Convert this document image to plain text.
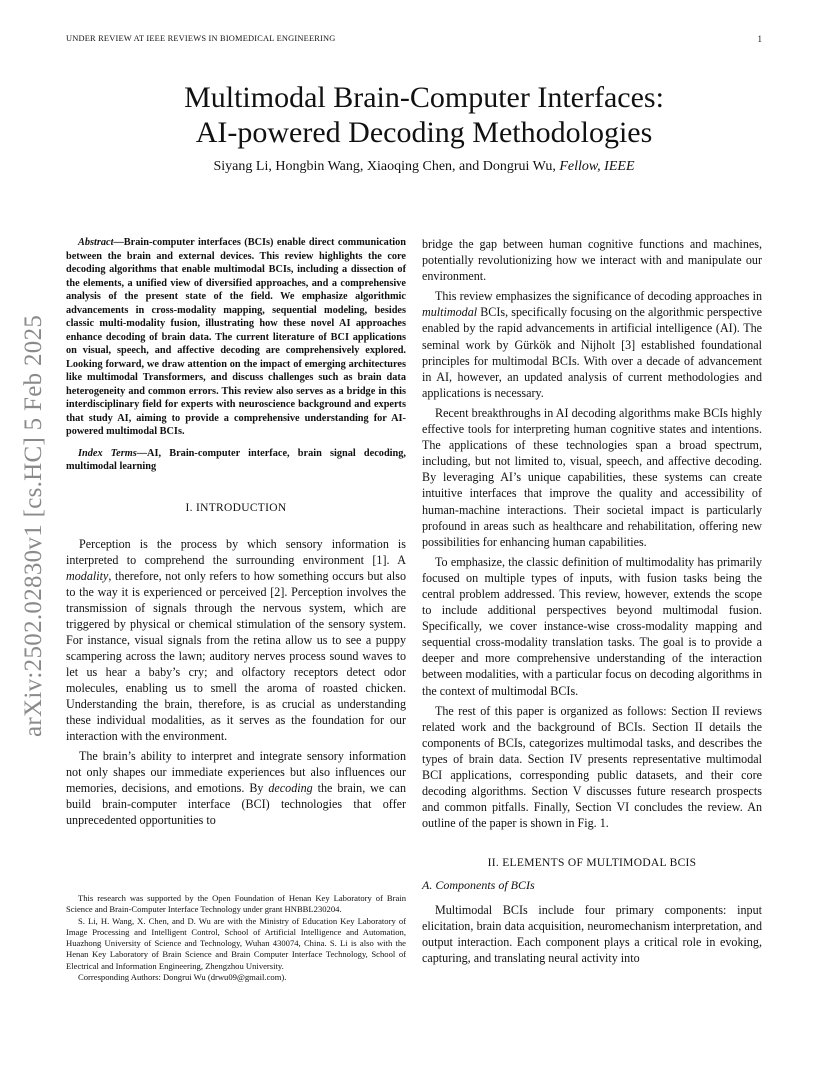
UNDER REVIEW AT IEEE REVIEWS IN BIOMEDICAL ENGINEERING	1
arXiv:2502.02830v1 [cs.HC] 5 Feb 2025
Multimodal Brain-Computer Interfaces:
AI-powered Decoding Methodologies

Siyang Li, Hongbin Wang, Xiaoqing Chen, and Dongrui Wu, Fellow, IEEE

Abstract—Brain-computer interfaces (BCIs) enable direct communication between the brain and external devices. This review highlights the core decoding algorithms that enable multimodal BCIs, including a dissection of the elements, a unified view of diversified approaches, and a comprehensive analysis of the present state of the field. We emphasize algorithmic advancements in cross-modality mapping, sequential modeling, besides classic multi-modality fusion, illustrating how these novel AI approaches enhance decoding of brain data. The current literature of BCI applications on visual, speech, and affective decoding are comprehensively explored. Looking forward, we draw attention on the impact of emerging architectures like multimodal Transformers, and discuss challenges such as brain data heterogeneity and common errors. This review also serves as a bridge in this interdisciplinary field for experts with neuroscience background and experts that study AI, aiming to provide a comprehensive understanding for AI-powered multimodal BCIs.

Index Terms—AI, Brain-computer interface, brain signal decoding, multimodal learning

I. INTRODUCTION

Perception is the process by which sensory information is interpreted to comprehend the surrounding environment [1]. A modality, therefore, not only refers to how something occurs but also to the way it is experienced or perceived [2]. Perception involves the transmission of signals through the nervous system, which are triggered by physical or chemical stimulation of the sensory system. For instance, visual signals from the retina allow us to see a puppy scampering across the lawn; auditory nerves process sound waves to let us hear a baby’s cry; and olfactory receptors detect odor molecules, enabling us to smell the aroma of roasted chicken. Understanding the brain, therefore, is as crucial as understanding these individual modalities, as it serves as the foundation for our interaction with the environment.

The brain’s ability to interpret and integrate sensory information not only shapes our immediate experiences but also influences our memories, decisions, and emotions. By decoding the brain, we can build brain-computer interface (BCI) technologies that offer unprecedented opportunities to

This research was supported by the Open Foundation of Henan Key Laboratory of Brain Science and Brain-Computer Interface Technology under grant HNBBL230204.

S. Li, H. Wang, X. Chen, and D. Wu are with the Ministry of Education Key Laboratory of Image Processing and Intelligent Control, School of Artificial Intelligence and Automation, Huazhong University of Science and Technology, Wuhan 430074, China. S. Li is also with the Henan Key Laboratory of Brain Science and Brain Computer Interface Technology, School of Electrical and Information Engineering, Zhengzhou University.

Corresponding Authors: Dongrui Wu (drwu09@gmail.com).

bridge the gap between human cognitive functions and machines, potentially revolutionizing how we interact with and manipulate our environment.

This review emphasizes the significance of decoding approaches in multimodal BCIs, specifically focusing on the algorithmic perspective enabled by the rapid advancements in artificial intelligence (AI). The seminal work by Gürkök and Nijholt [3] established foundational principles for multimodal BCIs. With over a decade of advancement in AI, however, an updated analysis of current methodologies and applications is necessary.

Recent breakthroughs in AI decoding algorithms make BCIs highly effective tools for interpreting human cognitive states and intentions. The applications of these technologies span a broad spectrum, including, but not limited to, visual, speech, and affective decoding. By leveraging AI’s unique capabilities, these systems can create intuitive interfaces that improve the quality and accessibility of human-machine interactions. Their societal impact is particularly profound in areas such as healthcare and rehabilitation, offering new possibilities for enhancing human capabilities.

To emphasize, the classic definition of multimodality has primarily focused on multiple types of inputs, with fusion tasks being the central problem addressed. This review, however, extends the scope to include additional perspectives beyond multimodal fusion. Specifically, we cover instance-wise cross-modality mapping and sequential cross-modality translation tasks. The goal is to provide a deeper and more comprehensive understanding of the interaction between modalities, with a particular focus on decoding algorithms in the context of multimodal BCIs.

The rest of this paper is organized as follows: Section II reviews related work and the background of BCIs. Section II details the components of BCIs, categorizes multimodal tasks, and describes the types of brain data. Section IV presents representative multimodal BCI applications, corresponding public datasets, and their core decoding algorithms. Section V discusses future research prospects and common pitfalls. Finally, Section VI concludes the review. An outline of the paper is shown in Fig. 1.

II. ELEMENTS OF MULTIMODAL BCIS
A. Components of BCIs

Multimodal BCIs include four primary components: input elicitation, brain data acquisition, neuromechanism interpretation, and output interaction. Each component plays a critical role in evoking, capturing, and translating neural activity into
